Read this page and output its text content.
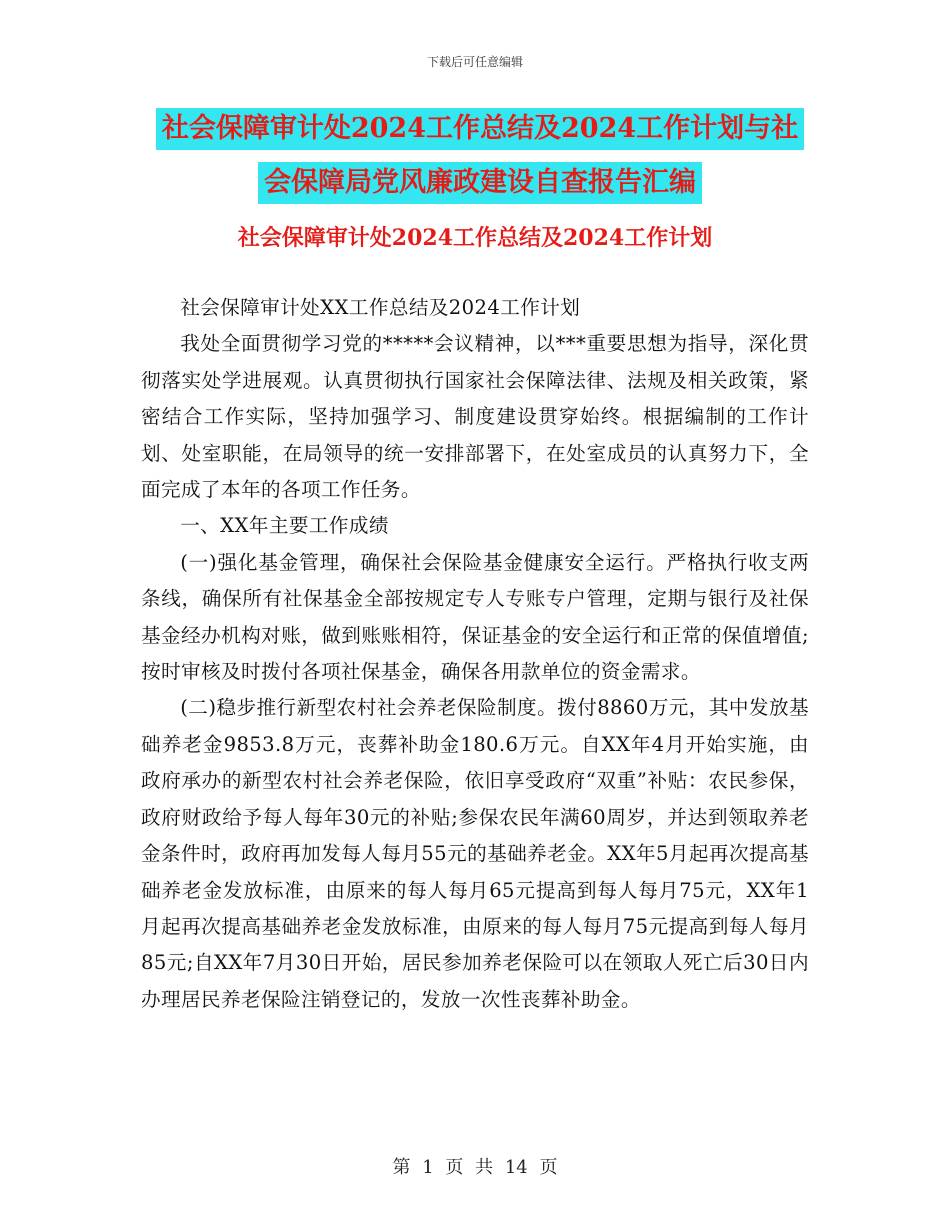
下载后可任意编辑
社会保障审计处2024工作总结及2024工作计划与社
会保障局党风廉政建设自查报告汇编
社会保障审计处2024工作总结及2024工作计划

社会保障审计处XX工作总结及2024工作计划

我处全面贯彻学习党的*****会议精神，以***重要思想为指导，深化贯彻落实处学进展观。认真贯彻执行国家社会保障法律、法规及相关政策，紧密结合工作实际，坚持加强学习、制度建设贯穿始终。根据编制的工作计划、处室职能，在局领导的统一安排部署下，在处室成员的认真努力下，全面完成了本年的各项工作任务。

一、XX年主要工作成绩

(一)强化基金管理，确保社会保险基金健康安全运行。严格执行收支两条线，确保所有社保基金全部按规定专人专账专户管理，定期与银行及社保基金经办机构对账，做到账账相符，保证基金的安全运行和正常的保值增值;按时审核及时拨付各项社保基金，确保各用款单位的资金需求。

(二)稳步推行新型农村社会养老保险制度。拨付8860万元，其中发放基础养老金9853.8万元，丧葬补助金180.6万元。自XX年4月开始实施，由政府承办的新型农村社会养老保险，依旧享受政府“双重”补贴：农民参保，政府财政给予每人每年30元的补贴;参保农民年满60周岁，并达到领取养老金条件时，政府再加发每人每月55元的基础养老金。XX年5月起再次提高基础养老金发放标准，由原来的每人每月65元提高到每人每月75元，XX年1月起再次提高基础养老金发放标准，由原来的每人每月75元提高到每人每月85元;自XX年7月30日开始，居民参加养老保险可以在领取人死亡后30日内办理居民养老保险注销登记的，发放一次性丧葬补助金。

第 1 页 共 14 页
